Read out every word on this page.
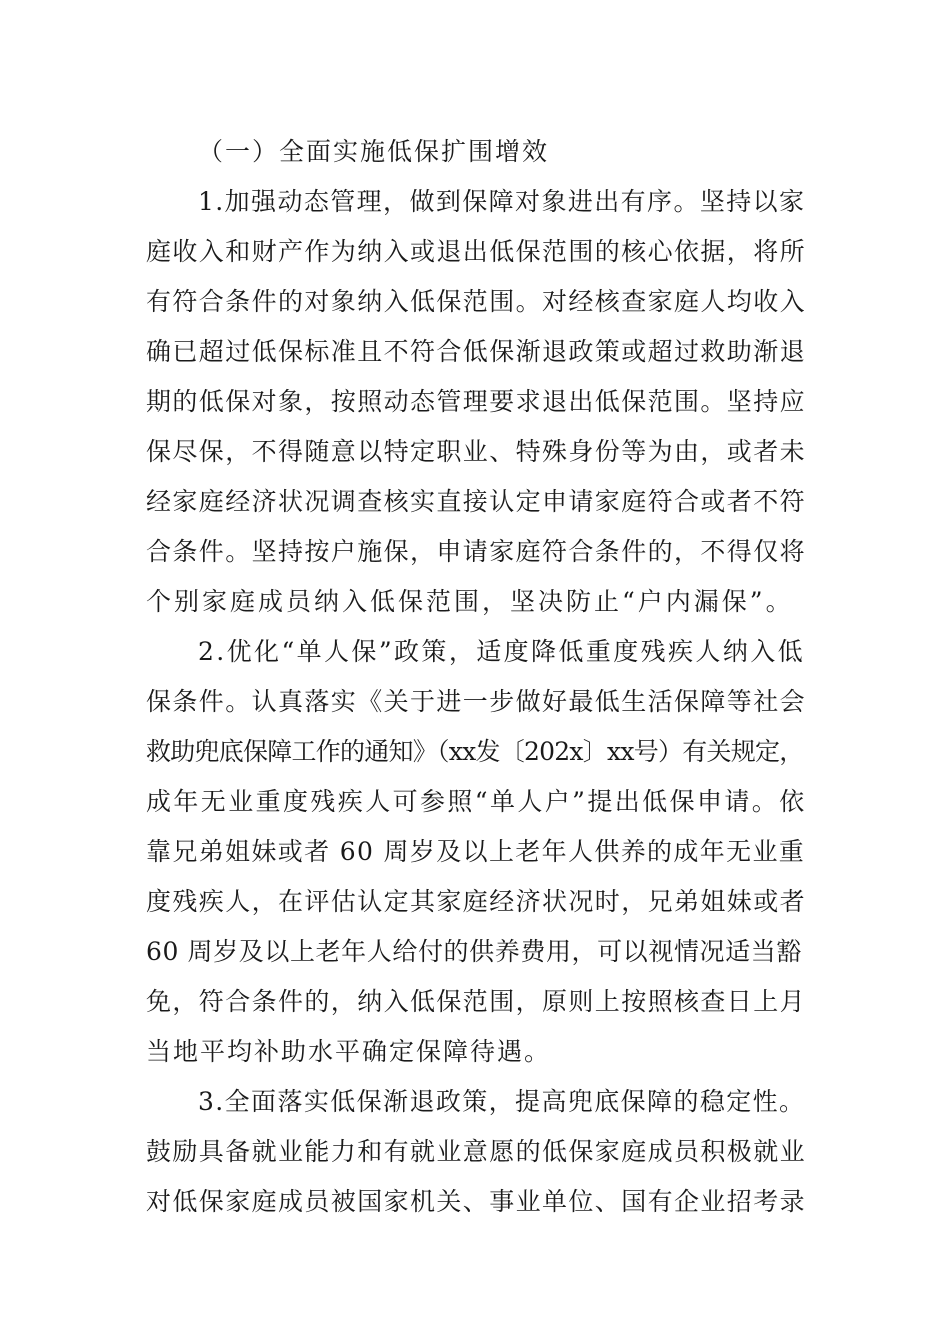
（一）全面实施低保扩围增效
1.加强动态管理，做到保障对象进出有序。坚持以家
庭收入和财产作为纳入或退出低保范围的核心依据，将所
有符合条件的对象纳入低保范围。对经核查家庭人均收入
确已超过低保标准且不符合低保渐退政策或超过救助渐退
期的低保对象，按照动态管理要求退出低保范围。坚持应
保尽保，不得随意以特定职业、特殊身份等为由，或者未
经家庭经济状况调查核实直接认定申请家庭符合或者不符
合条件。坚持按户施保，申请家庭符合条件的，不得仅将
个别家庭成员纳入低保范围，坚决防止“户内漏保”。
2.优化“单人保”政策，适度降低重度残疾人纳入低
保条件。认真落实《关于进一步做好最低生活保障等社会
救助兜底保障工作的通知》（xx发〔202x〕xx号）有关规定，
成年无业重度残疾人可参照“单人户”提出低保申请。依
靠兄弟姐妹或者 60 周岁及以上老年人供养的成年无业重
度残疾人，在评估认定其家庭经济状况时，兄弟姐妹或者
60 周岁及以上老年人给付的供养费用，可以视情况适当豁
免，符合条件的，纳入低保范围，原则上按照核查日上月
当地平均补助水平确定保障待遇。
3.全面落实低保渐退政策，提高兜底保障的稳定性。
鼓励具备就业能力和有就业意愿的低保家庭成员积极就业
对低保家庭成员被国家机关、事业单位、国有企业招考录
